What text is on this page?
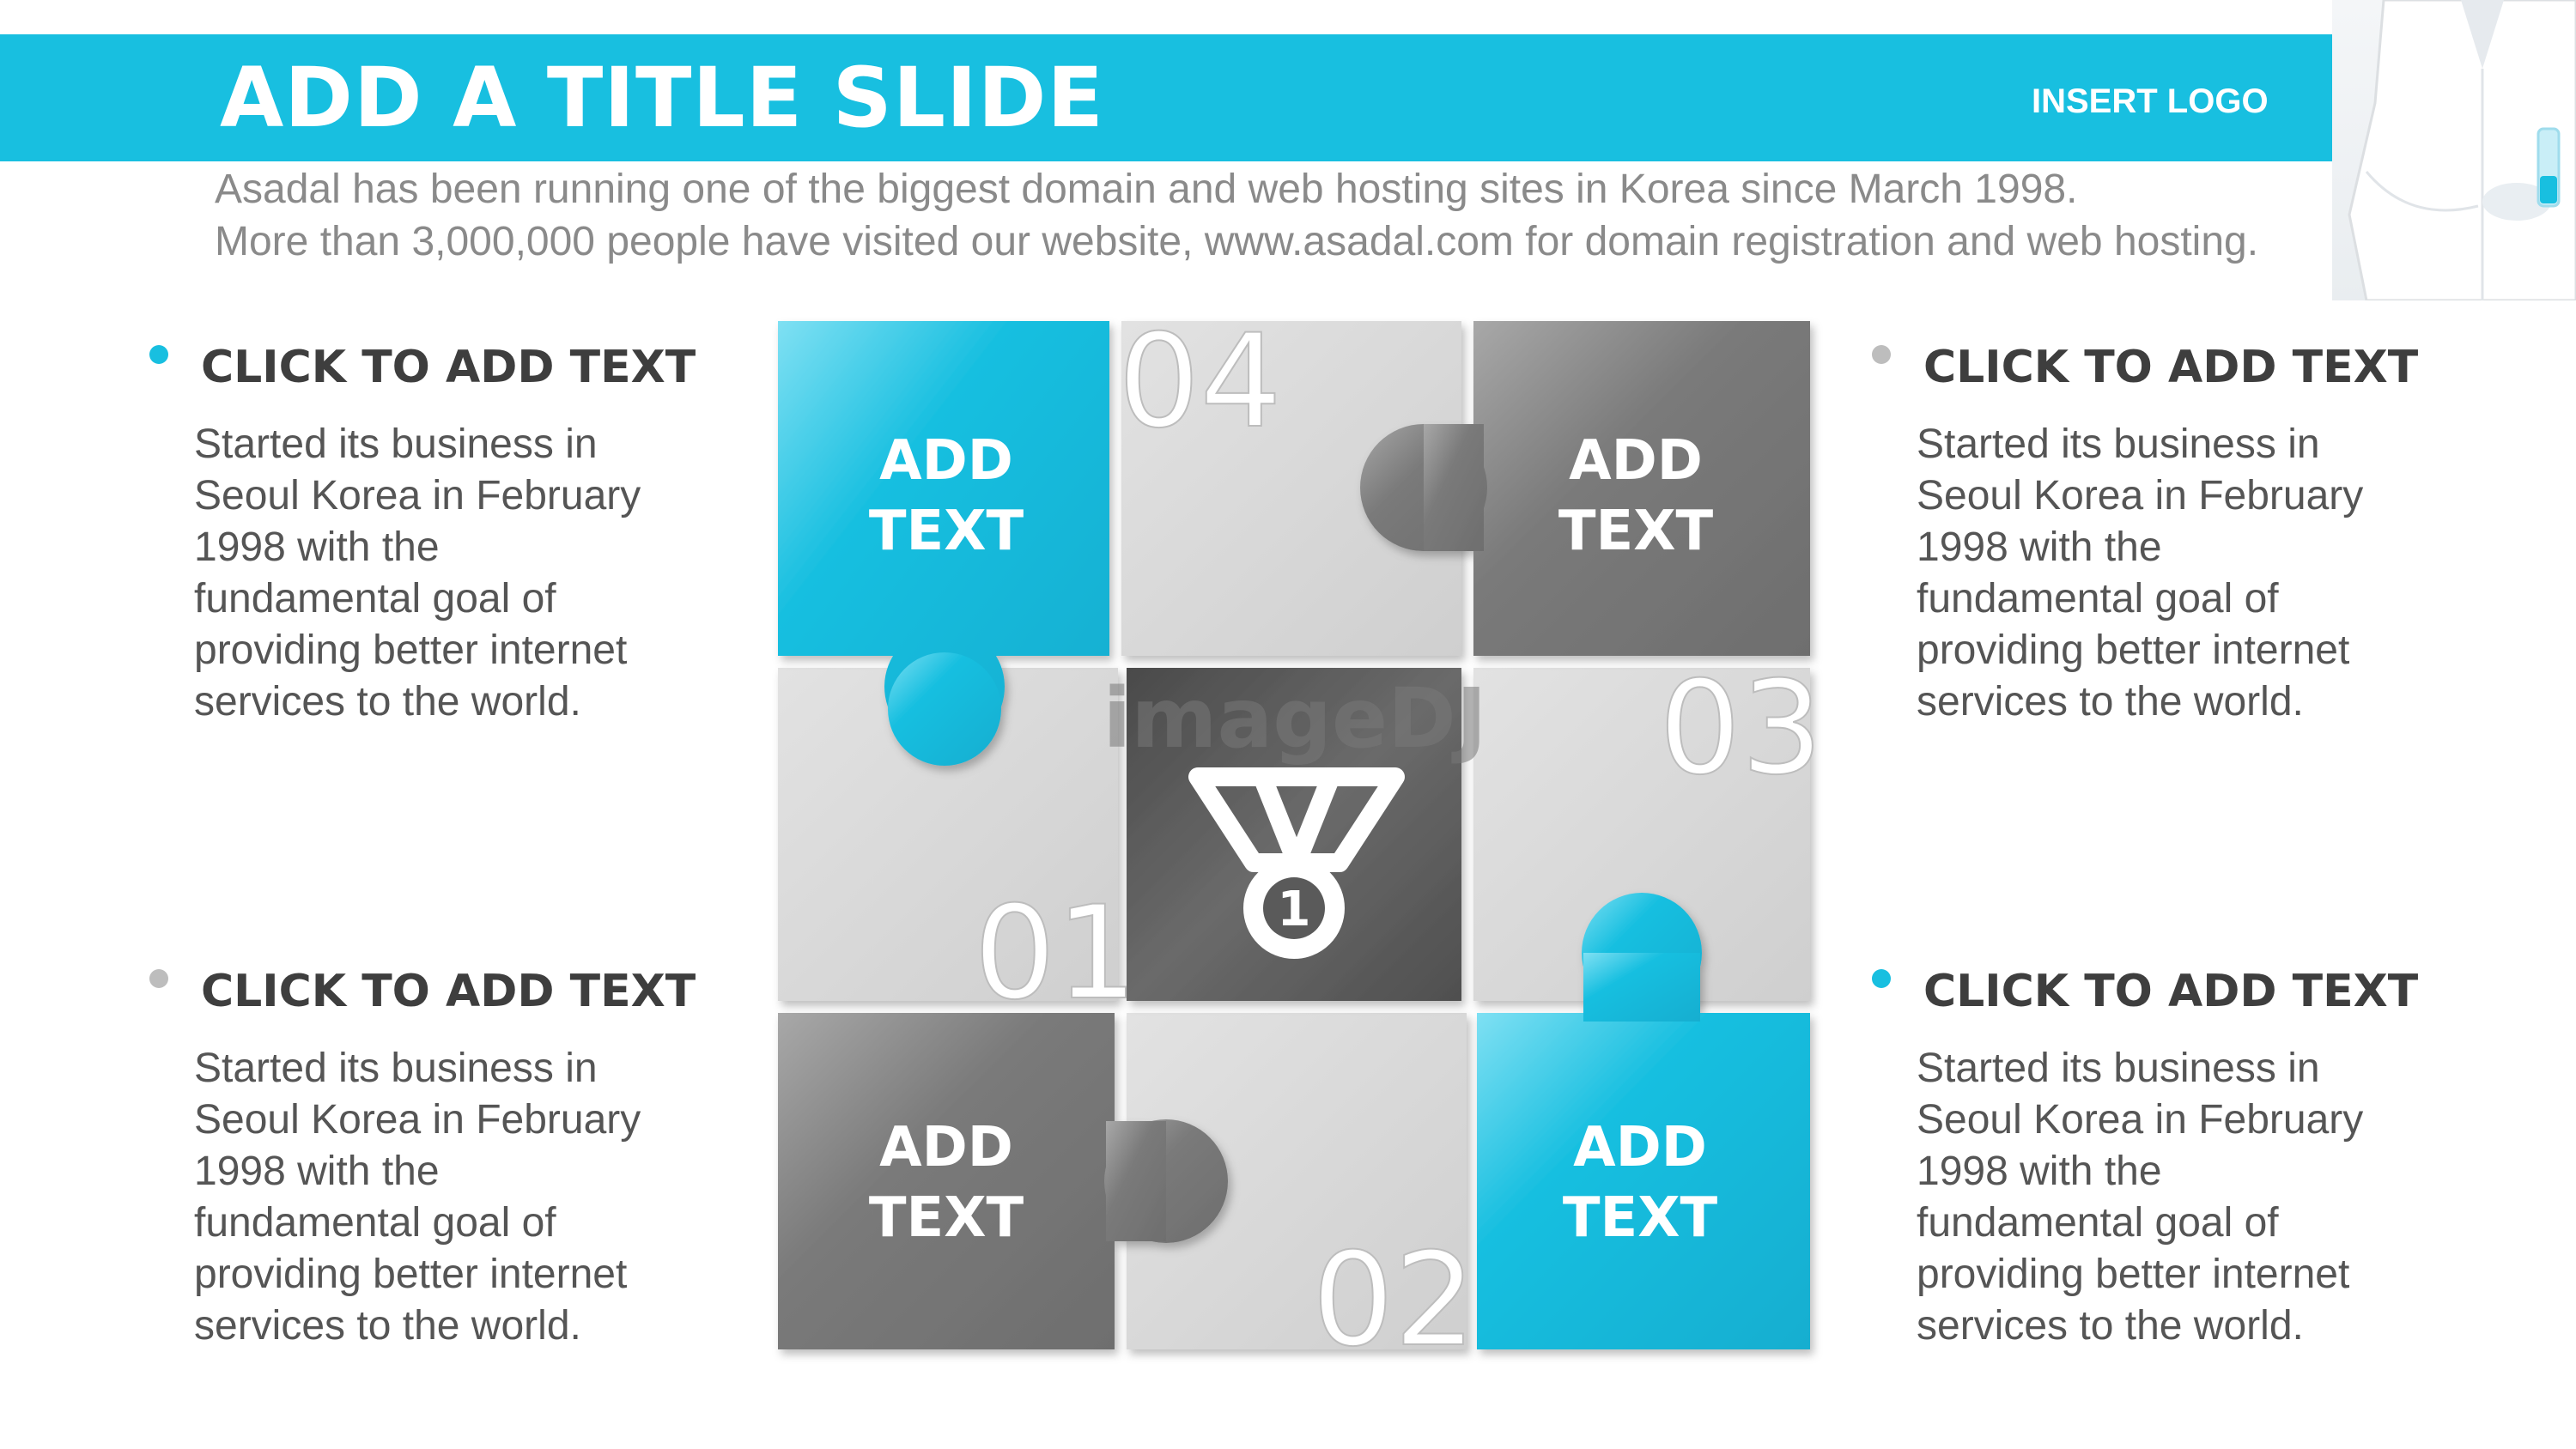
ADD A TITLE SLIDE	INSERT LOGO
Asadal has been running one of the biggest domain and web hosting sites in Korea since March 1998.
More than 3,000,000 people have visited our website, www.asadal.com for domain registration and web hosting.
CLICK TO ADD TEXT
Started its business in
Seoul Korea in February
1998 with the
fundamental goal of
providing better internet
services to the world.
CLICK TO ADD TEXT
Started its business in
Seoul Korea in February
1998 with the
fundamental goal of
providing better internet
services to the world.
CLICK TO ADD TEXT
Started its business in
Seoul Korea in February
1998 with the
fundamental goal of
providing better internet
services to the world.
CLICK TO ADD TEXT
Started its business in
Seoul Korea in February
1998 with the
fundamental goal of
providing better internet
services to the world.
1
ADD
TEXT
ADD
TEXT
ADD
TEXT
ADD
TEXT
04
03
01
02
imageDJ
